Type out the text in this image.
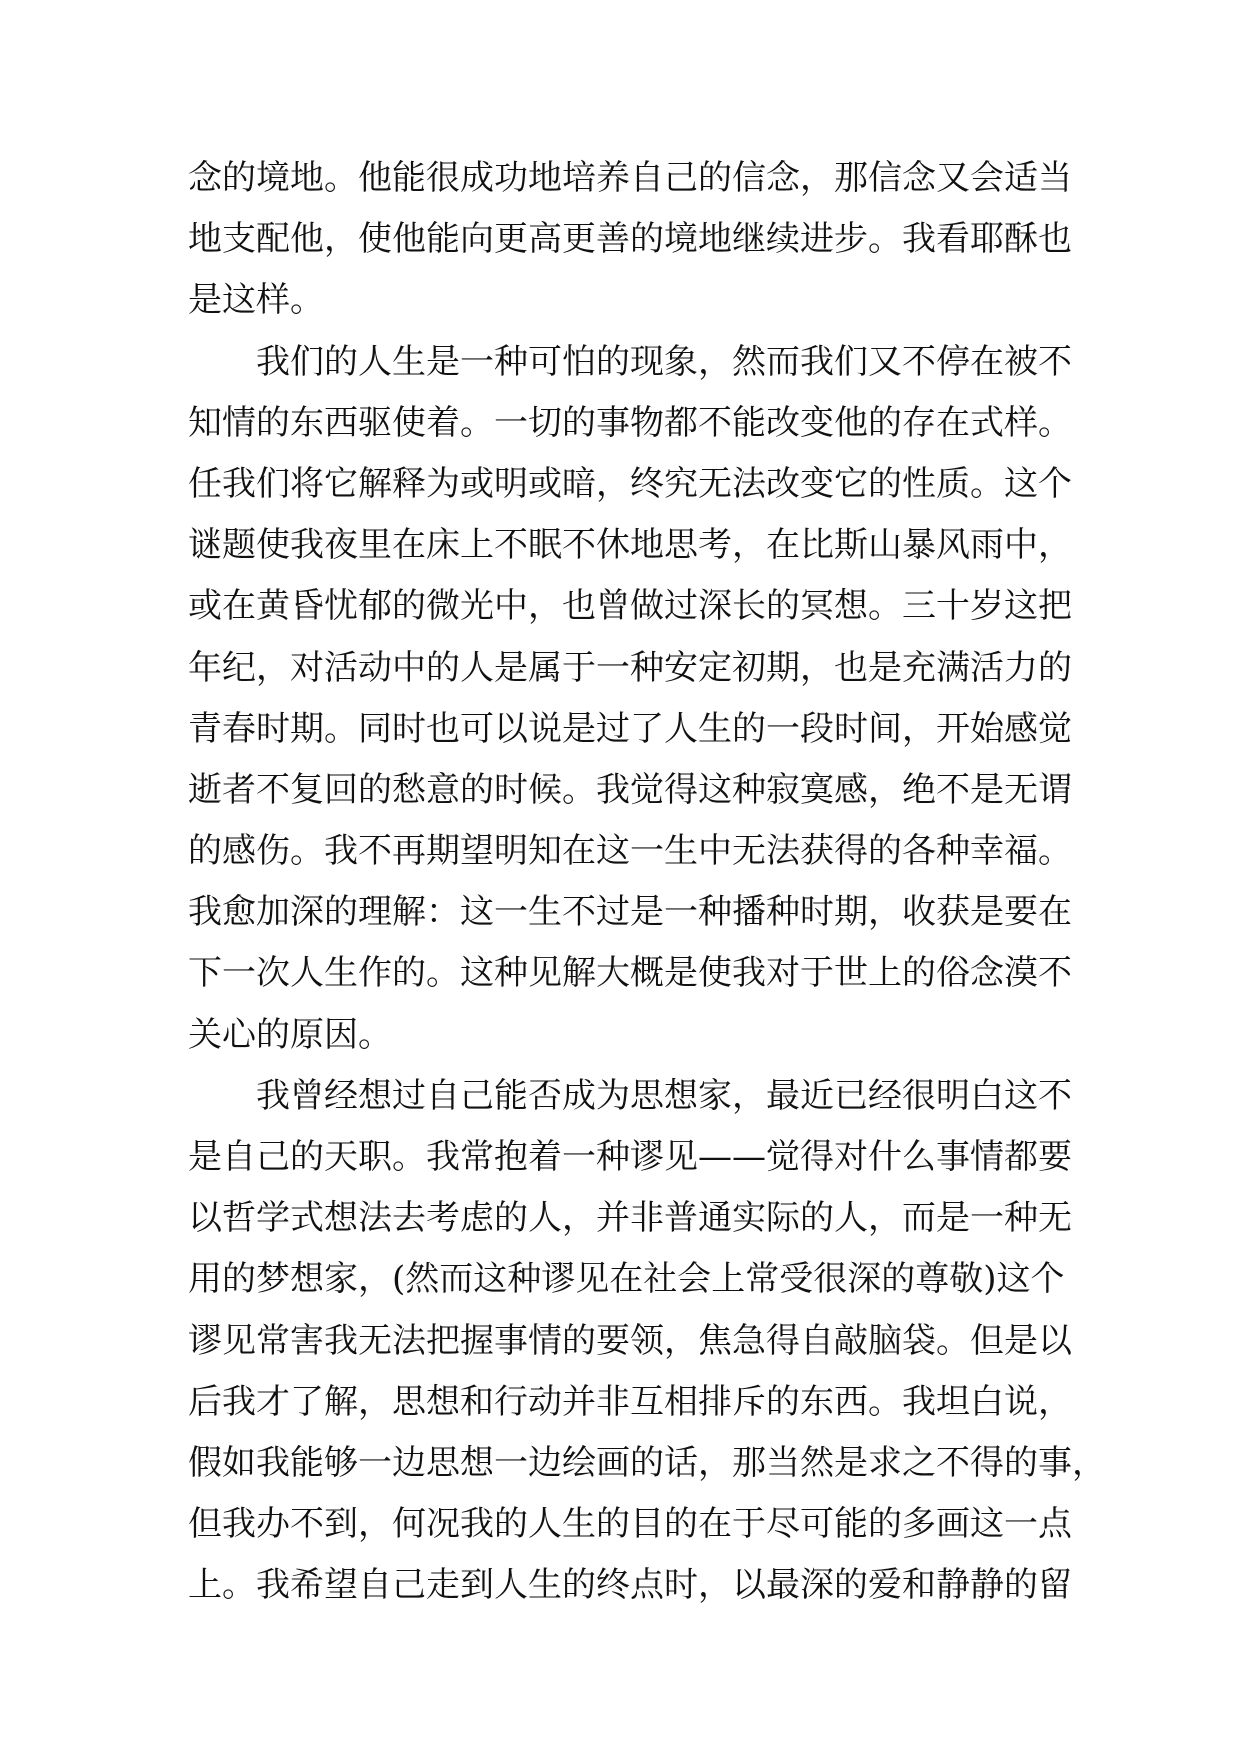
念的境地。他能很成功地培养自己的信念，那信念又会适当
地支配他，使他能向更高更善的境地继续进步。我看耶酥也
是这样。
我们的人生是一种可怕的现象，然而我们又不停在被不
知情的东西驱使着。一切的事物都不能改变他的存在式样。
任我们将它解释为或明或暗，终究无法改变它的性质。这个
谜题使我夜里在床上不眠不休地思考，在比斯山暴风雨中，
或在黄昏忧郁的微光中，也曾做过深长的冥想。三十岁这把
年纪，对活动中的人是属于一种安定初期，也是充满活力的
青春时期。同时也可以说是过了人生的一段时间，开始感觉
逝者不复回的愁意的时候。我觉得这种寂寞感，绝不是无谓
的感伤。我不再期望明知在这一生中无法获得的各种幸福。
我愈加深的理解：这一生不过是一种播种时期，收获是要在
下一次人生作的。这种见解大概是使我对于世上的俗念漠不
关心的原因。
我曾经想过自己能否成为思想家，最近已经很明白这不
是自己的天职。我常抱着一种谬见——觉得对什么事情都要
以哲学式想法去考虑的人，并非普通实际的人，而是一种无
用的梦想家，(然而这种谬见在社会上常受很深的尊敬)这个
谬见常害我无法把握事情的要领，焦急得自敲脑袋。但是以
后我才了解，思想和行动并非互相排斥的东西。我坦白说，
假如我能够一边思想一边绘画的话，那当然是求之不得的事，
但我办不到，何况我的人生的目的在于尽可能的多画这一点
上。我希望自己走到人生的终点时，以最深的爱和静静的留
